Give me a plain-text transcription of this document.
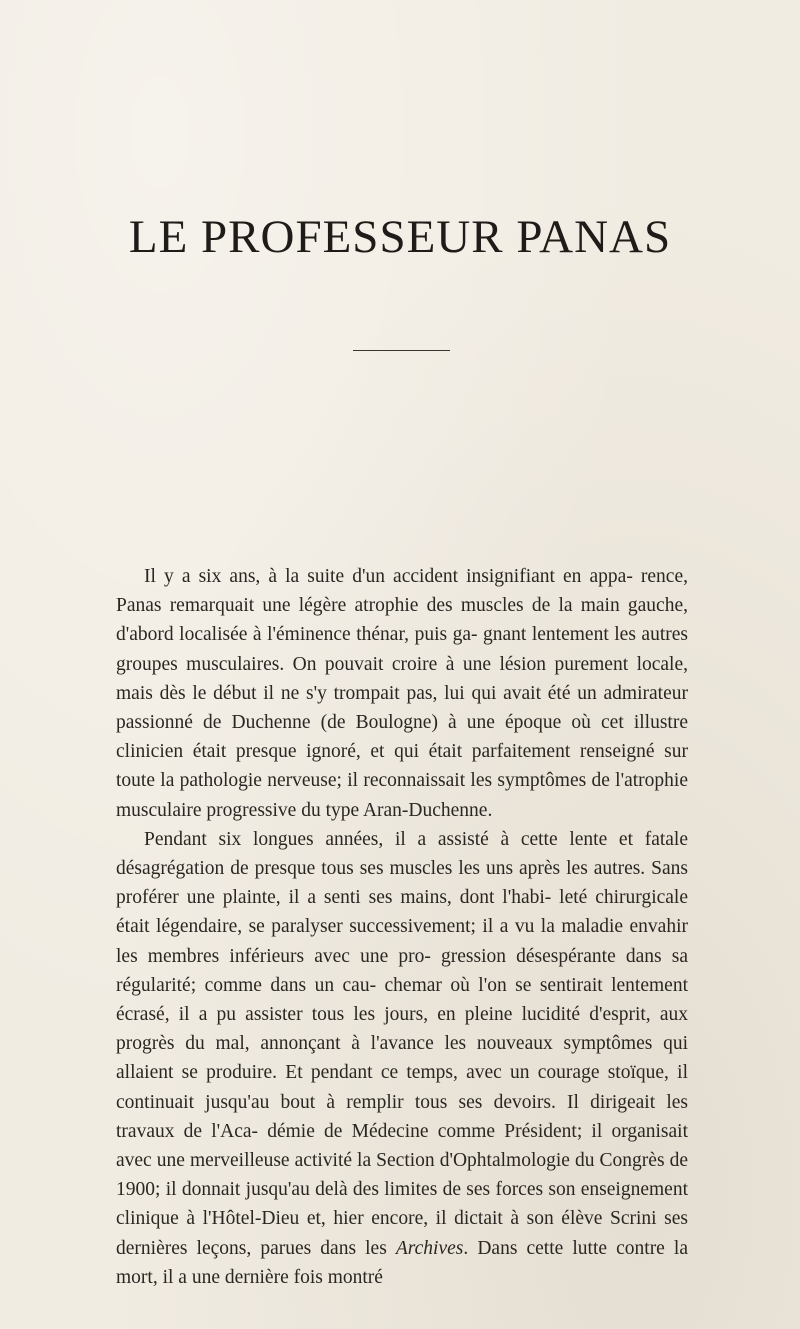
LE PROFESSEUR PANAS

Il y a six ans, à la suite d'un accident insignifiant en appa- rence, Panas remarquait une légère atrophie des muscles de la main gauche, d'abord localisée à l'éminence thénar, puis ga- gnant lentement les autres groupes musculaires. On pouvait croire à une lésion purement locale, mais dès le début il ne s'y trompait pas, lui qui avait été un admirateur passionné de Duchenne (de Boulogne) à une époque où cet illustre clinicien était presque ignoré, et qui était parfaitement renseigné sur toute la pathologie nerveuse; il reconnaissait les symptômes de l'atrophie musculaire progressive du type Aran-Duchenne.

Pendant six longues années, il a assisté à cette lente et fatale désagrégation de presque tous ses muscles les uns après les autres. Sans proférer une plainte, il a senti ses mains, dont l'habi- leté chirurgicale était légendaire, se paralyser successivement; il a vu la maladie envahir les membres inférieurs avec une pro- gression désespérante dans sa régularité; comme dans un cau- chemar où l'on se sentirait lentement écrasé, il a pu assister tous les jours, en pleine lucidité d'esprit, aux progrès du mal, annonçant à l'avance les nouveaux symptômes qui allaient se produire. Et pendant ce temps, avec un courage stoïque, il continuait jusqu'au bout à remplir tous ses devoirs. Il dirigeait les travaux de l'Aca- démie de Médecine comme Président; il organisait avec une merveilleuse activité la Section d'Ophtalmologie du Congrès de 1900; il donnait jusqu'au delà des limites de ses forces son enseignement clinique à l'Hôtel-Dieu et, hier encore, il dictait à son élève Scrini ses dernières leçons, parues dans les Archives. Dans cette lutte contre la mort, il a une dernière fois montré
